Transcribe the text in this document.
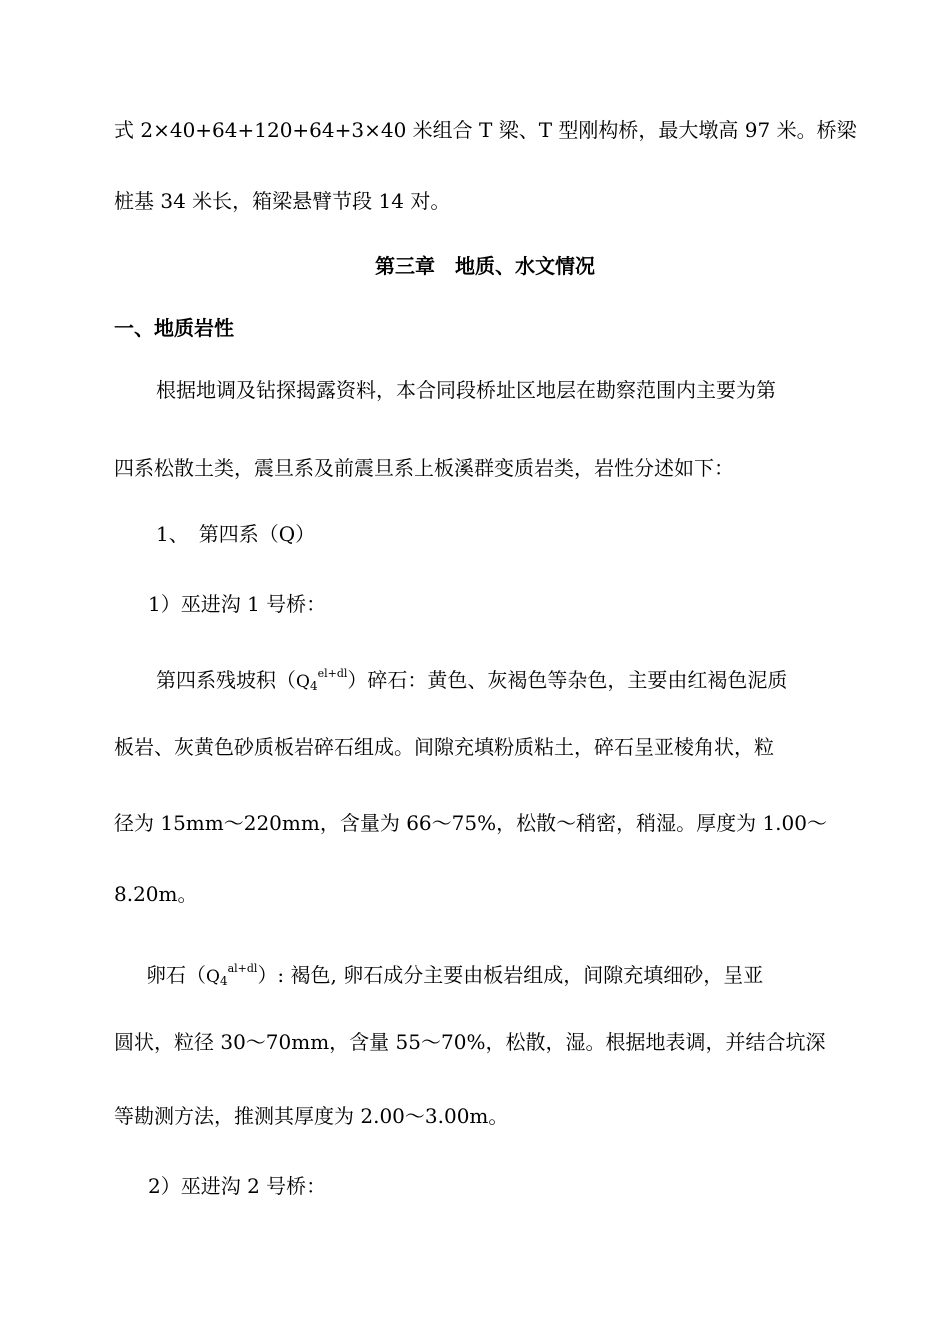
式 2×40+64+120+64+3×40 米组合 T 梁、T 型刚构桥，最大墩高 97 米。桥梁
桩基 34 米长，箱梁悬臂节段 14 对。
第三章　地质、水文情况
一、地质岩性
根据地调及钻探揭露资料，本合同段桥址区地层在勘察范围内主要为第
四系松散土类，震旦系及前震旦系上板溪群变质岩类，岩性分述如下：
1、　第四系（Q）
1）巫进沟 1 号桥：
第四系残坡积$(Q_4^{el+dl})$碎石：黄色、灰褐色等杂色，主要由红褐色泥质
板岩、灰黄色砂质板岩碎石组成。间隙充填粉质粘土，碎石呈亚棱角状，粒
径为 15mm～220mm，含量为 66～75%，松散～稍密，稍湿。厚度为 1.00～
8.20m。
卵石$(Q_4^{al+dl})$: 褐色, 卵石成分主要由板岩组成，间隙充填细砂，呈亚
圆状，粒径 30～70mm，含量 55～70%，松散，湿。根据地表调，并结合坑深
等勘测方法，推测其厚度为 2.00～3.00m。
2）巫进沟 2 号桥：
